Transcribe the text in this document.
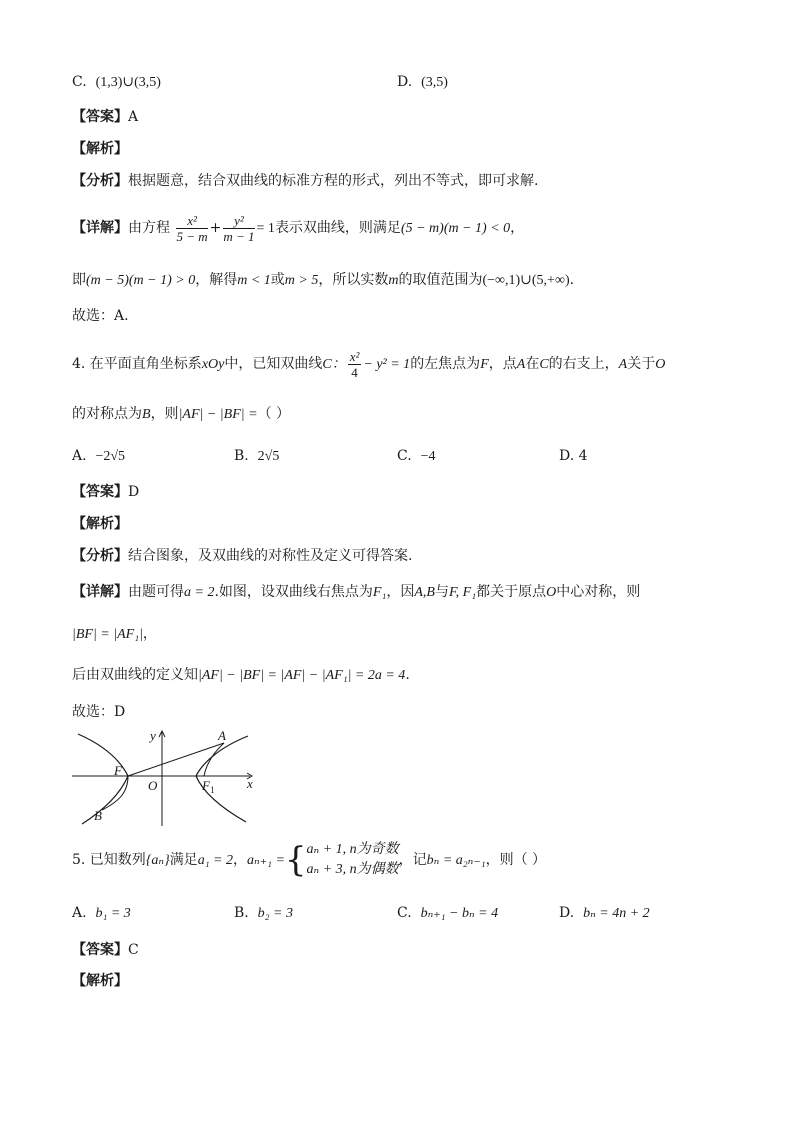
C. (1,3)∪(3,5)	D. (3,5)
【答案】A
【解析】
【分析】根据题意，结合双曲线的标准方程的形式，列出不等式，即可求解.
【详解】由方程 $\frac{\text{x²}}{5 - m} + \frac{\text{y²}}{m - 1} = 1$表示双曲线，则满足(5 − m)(m − 1) < 0，
即(m − 5)(m − 1) > 0，解得m < 1或m > 5，所以实数m的取值范围为(−∞,1)∪(5,+∞).
故选：A.
4. 在平面直角坐标系xOy中，已知双曲线C： $\frac{\text{x²}}{4} - y^2 = 1$的左焦点为F，点A在C的右支上，A关于O
的对称点为B，则|AF| − |BF| =（ ）
A. −2√5	B. 2√5	C. −4	D. 4
【答案】D
【解析】
【分析】结合图象，及双曲线的对称性及定义可得答案.
【详解】由题可得a = 2.如图，设双曲线右焦点为F₁，因A,B与F, F₁都关于原点O中心对称，则
|BF| = |AF₁|，
后由双曲线的定义知|AF| − |BF| = |AF| − |AF₁| = 2a = 4.
故选：D
y
x
O
F
$F_1$
A
B
5. 已知数列{aₙ}满足a₁ = 2，aₙ₊₁ ={ aₙ + 1, n为奇数
aₙ + 3, n为偶数
，记bₙ = a₂ₙ₋₁，则（ ）
A. b₁ = 3	B. b₂ = 3	C. bₙ₊₁ − bₙ = 4	D. bₙ = 4n + 2
【答案】C
【解析】
